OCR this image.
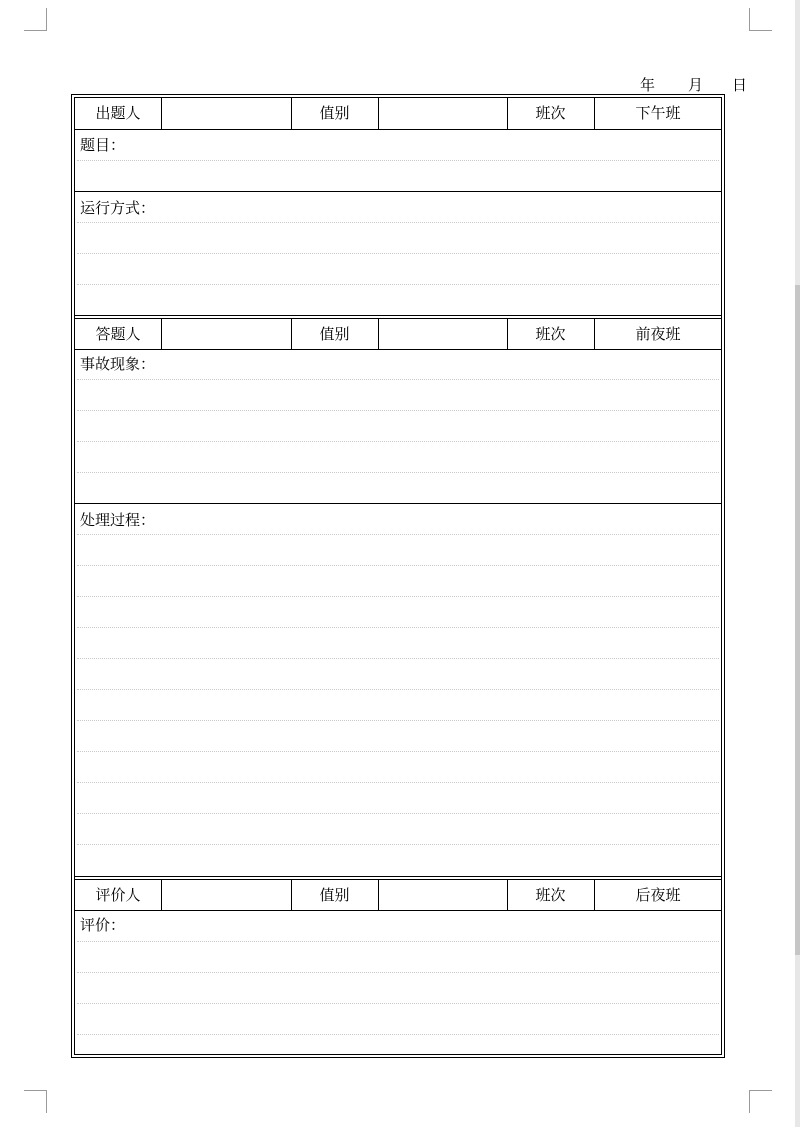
年 月 日
出题人	值别	班次	下午班
题目：
运行方式：
答题人	值别	班次	前夜班
事故现象：
处理过程：
评价人	值别	班次	后夜班
评价：
